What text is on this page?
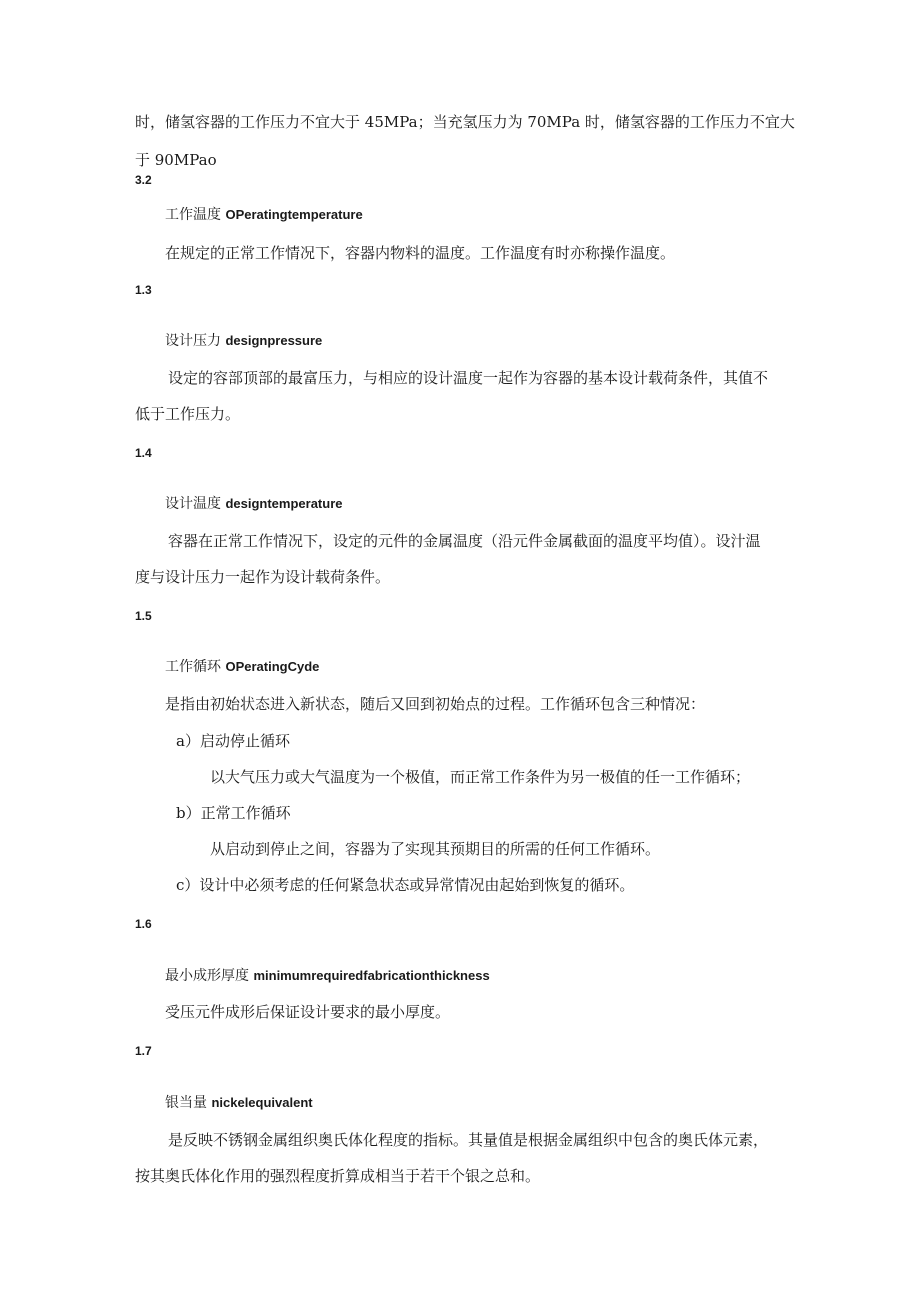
时，储氢容器的工作压力不宜大于 45MPa；当充氢压力为 70MPa 时，储氢容器的工作压力不宜大
于 90MPao
3.2
工作温度 OPeratingtemperature
在规定的正常工作情况下，容器内物料的温度。工作温度有时亦称操作温度。
1.3
设计压力 designpressure
设定的容部顶部的最富压力，与相应的设计温度一起作为容器的基本设计载荷条件，其值不
低于工作压力。
1.4
设计温度 designtemperature
容器在正常工作情况下，设定的元件的金属温度（沿元件金属截面的温度平均值）。设汁温
度与设计压力一起作为设计载荷条件。
1.5
工作循环 OPeratingCyde
是指由初始状态进入新状态，随后又回到初始点的过程。工作循环包含三种情况：
a）启动停止循环
以大气压力或大气温度为一个极值，而正常工作条件为另一极值的任一工作循环；
b）正常工作循环
从启动到停止之间，容器为了实现其预期目的所需的任何工作循环。
c）设计中必须考虑的任何紧急状态或异常情况由起始到恢复的循环。
1.6
最小成形厚度 minimumrequiredfabricationthickness
受压元件成形后保证设计要求的最小厚度。
1.7
银当量 nickelequivalent
是反映不锈钢金属组织奥氏体化程度的指标。其量值是根据金属组织中包含的奥氏体元素，
按其奥氏体化作用的强烈程度折算成相当于若干个银之总和。
